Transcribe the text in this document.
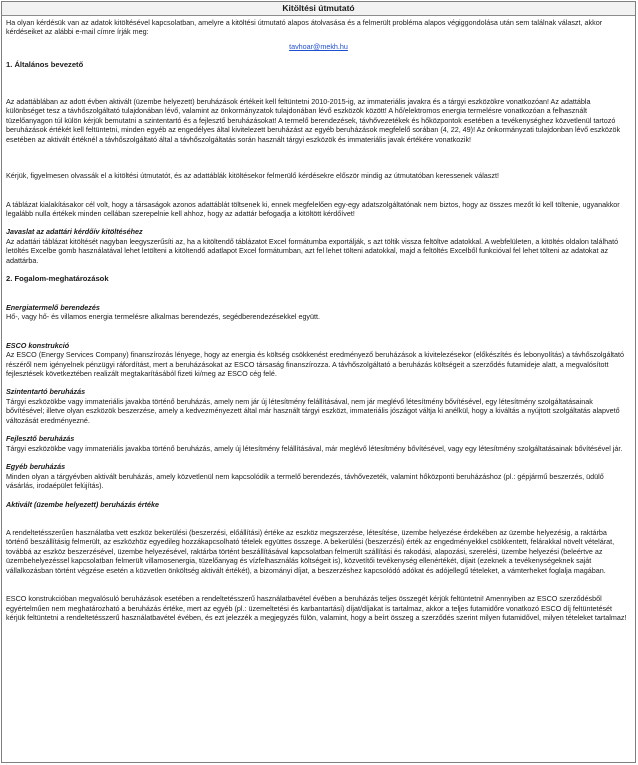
Kitöltési útmutató

Ha olyan kérdésük van az adatok kitöltésével kapcsolatban, amelyre a kitöltési útmutató alapos átolvasása és a felmerült probléma alapos végiggondolása után sem találnak választ, akkor kérdéseiket az alábbi e-mail címre írják meg:

tavhoar@mekh.hu

1. Általános bevezető

Az adattáblában az adott évben aktivált (üzembe helyezett) beruházások értékeit kell feltüntetni 2010-2015-ig, az immateriális javakra és a tárgyi eszközökre vonatkozóan! Az adattábla különbséget tesz a távhőszolgáltató tulajdonában lévő, valamint az önkormányzatok tulajdonában lévő eszközök között! A hő/elektromos energia termelésre vonatkozóan a felhasznált tüzelőanyagon túl külön kérjük bemutatni a szintentartó és a fejlesztő beruházásokat! A termelő berendezések, távhővezetékek és hőközpontok esetében a tevékenységhez közvetlenül tartozó beruházások értékét kell feltüntetni, minden egyéb az engedélyes által kivitelezett beruházást az egyéb beruházások megfelelő sorában (4, 22, 49)! Az önkormányzati tulajdonban lévő eszközök esetében az aktivált értéknél a távhőszolgáltató által a távhőszolgáltatás során használt tárgyi eszközök és immateriális javak értékére vonatkozik!

Kérjük, figyelmesen olvassák el a kitöltési útmutatót, és az adattáblák kitöltésekor felmerülő kérdésekre először mindig az útmutatóban keressenek választ!

A táblázat kialakításakor cél volt, hogy a társaságok azonos adattáblát töltsenek ki, ennek megfelelően egy-egy adatszolgáltatónak nem biztos, hogy az összes mezőt ki kell töltenie, ugyanakkor legalább nulla értékek minden cellában szerepelnie kell ahhoz, hogy az adattár befogadja a kitöltött kérdőívet!

Javaslat az adattári kérdőív kitöltéséhez

Az adattári táblázat kitöltését nagyban leegyszerűsíti az, ha a kitöltendő táblázatot Excel formátumba exportálják, s azt töltik vissza feltöltve adatokkal. A webfelületen, a kitöltés oldalon található letöltés Excelbe gomb használatával lehet letölteni a kitöltendő adatlapot Excel formátumban, azt fel lehet tölteni adatokkal, majd a feltöltés Excelből funkcióval fel lehet tölteni az adatokat az adattárba.

2. Fogalom-meghatározások

Energiatermelő berendezés

Hő-, vagy hő- és villamos energia termelésre alkalmas berendezés, segédberendezésekkel együtt.

ESCO konstrukció

Az ESCO (Energy Services Company) finanszírozás lényege, hogy az energia és költség csökkenést eredményező beruházások a kivitelezésekor (előkészítés és lebonyolítás) a távhőszolgáltató részéről nem igényelnek pénzügyi ráfordítást, mert a beruházásokat az ESCO társaság finanszírozza. A távhőszolgáltató a beruházás költségeit a szerződés futamideje alatt, a megvalósított fejlesztések következtében realizált megtakarításából fizeti ki/meg az ESCO cég felé.

Szintentartó beruházás

Tárgyi eszközökbe vagy immateriális javakba történő beruházás, amely nem jár új létesítmény felállításával, nem jár meglévő létesítmény bővítésével, egy létesítmény szolgáltatásainak bővítésével; illetve olyan eszközök beszerzése, amely a kedvezményezett által már használt tárgyi eszközt, immateriális jószágot váltja ki anélkül, hogy a kiváltás a nyújtott szolgáltatás alapvető változását eredményezné.

Fejlesztő beruházás

Tárgyi eszközökbe vagy immateriális javakba történő beruházás, amely új létesítmény felállításával, már meglévő létesítmény bővítésével, vagy egy létesítmény szolgáltatásainak bővítésével jár.

Egyéb beruházás

Minden olyan a tárgyévben aktivált beruházás, amely közvetlenül nem kapcsolódik a termelő berendezés, távhővezeték, valamint hőközponti beruházáshoz (pl.: gépjármű beszerzés, üdülő vásárlás, irodaépület felújítás).

Aktivált (üzembe helyezett) beruházás értéke

A rendeltetésszerűen használatba vett eszköz bekerülési (beszerzési, előállítási) értéke az eszköz megszerzése, létesítése, üzembe helyezése érdekében az üzembe helyezésig, a raktárba történő beszállításig felmerült, az eszközhöz egyedileg hozzákapcsolható tételek együttes összege. A bekerülési (beszerzési) érték az engedményekkel csökkentett, felárakkal növelt vételárat, továbbá az eszköz beszerzésével, üzembe helyezésével, raktárba történt beszállításával kapcsolatban felmerült szállítási és rakodási, alapozási, szerelési, üzembe helyezési (beleértve az üzembehelyezéssel kapcsolatban felmerült villamosenergia, tüzelőanyag és vízfelhasználás költségeit is), közvetítői tevékenység ellenértékét, díjait (ezeknek a tevékenységeknek saját vállalkozásban történt végzése esetén a közvetlen önköltség aktivált értékét), a bizományi díjat, a beszerzéshez kapcsolódó adókat és adójellegű tételeket, a vámterheket foglalja magában.

ESCO konstrukcióban megvalósuló beruházások esetében a rendeltetésszerű használatbavétel évében a beruházás teljes összegét kérjük feltüntetni! Amennyiben az ESCO szerződésből egyértelműen nem meghatározható a beruházás értéke, mert az egyéb (pl.: üzemeltetési és karbantartási) díjat/díjakat is tartalmaz, akkor a teljes futamidőre vonatkozó ESCO díj feltüntetését kérjük feltüntetni a rendeltetésszerű használatbavétel évében, és ezt jelezzék a megjegyzés fülön, valamint, hogy a beírt összeg a szerződés szerint milyen futamidővel, milyen tételeket tartalmaz!
